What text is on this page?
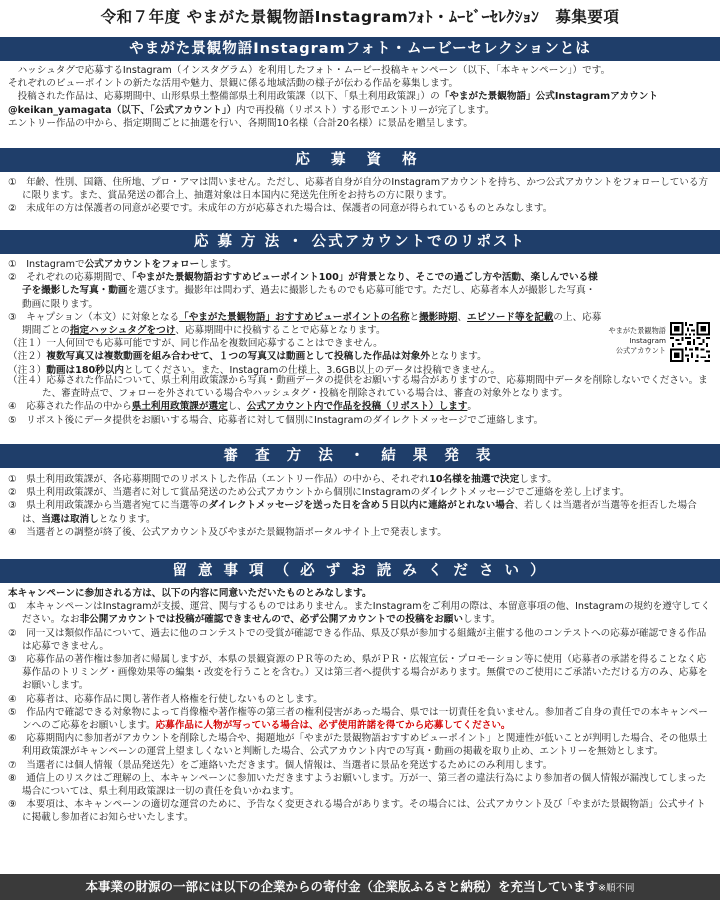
令和７年度 やまがた景観物語Instagramﾌｫﾄ・ﾑｰﾋﾞｰｾﾚｸｼｮﾝ　募集要項
やまがた景観物語Instagramフォト・ムービーセレクションとは

　ハッシュタグで応募するInstagram（インスタグラム）を利用したフォト・ムービー投稿キャンペーン（以下、「本キャンペーン」）です。

それぞれのビューポイントの新たな活用や魅力、景観に係る地域活動の様子が伝わる作品を募集します。

　投稿された作品は、応募期間中、山形県県土整備部県土利用政策課（以下、「県土利用政策課」）の「やまがた景観物語」公式Instagramアカウント@keikan_yamagata（以下、「公式アカウント」）内で再投稿（リポスト）する形でエントリーが完了します。

エントリー作品の中から、指定期間ごとに抽選を行い、各期間10名様（合計20名様）に景品を贈呈します。

応 募 資 格

①　年齢、性別、国籍、住所地、プロ・アマは問いません。ただし、応募者自身が自分のInstagramアカウントを持ち、かつ公式アカウントをフォローしている方に限ります。また、賞品発送の都合上、抽選対象は日本国内に発送先住所をお持ちの方に限ります。

②　未成年の方は保護者の同意が必要です。未成年の方が応募された場合は、保護者の同意が得られているものとみなします。

応 募 方 法 ・ 公式アカウントでのリポスト

①　Instagramで公式アカウントをフォローします。

②　それぞれの応募期間で、「やまがた景観物語おすすめビューポイント100」が背景となり、そこでの過ごし方や活動、楽しんでいる様子を撮影した写真・動画を選びます。撮影年は問わず、過去に撮影したものでも応募可能です。ただし、応募者本人が撮影した写真・動画に限ります。

③　キャプション（本文）に対象となる「やまがた景観物語」おすすめビューポイントの名称と撮影時期、エピソード等を記載の上、応募期間ごとの指定ハッシュタグをつけ、応募期間中に投稿することで応募となります。

（注１）一人何回でも応募可能ですが、同じ作品を複数回応募することはできません。

（注２）複数写真又は複数動画を組み合わせて、１つの写真又は動画として投稿した作品は対象外となります。

（注３）動画は180秒以内としてください。また、Instagramの仕様上、3.6GB以上のデータは投稿できません。

（注４）応募された作品について、県土利用政策課から写真・動画データの提供をお願いする場合がありますので、応募期間中データを削除しないでください。また、審査時点で、フォローを外されている場合やハッシュタグ・投稿を削除されている場合は、審査の対象外となります。

④　応募された作品の中から県土利用政策課が選定し、公式アカウント内で作品を投稿（リポスト）します。

⑤　リポスト後にデータ提供をお願いする場合、応募者に対して個別にInstagramのダイレクトメッセージでご連絡します。

やまがた景観物語
Instagram
公式アカウント
審 査 方 法 ・ 結 果 発 表

①　県土利用政策課が、各応募期間でのリポストした作品（エントリー作品）の中から、それぞれ10名様を抽選で決定します。

②　県土利用政策課が、当選者に対して賞品発送のため公式アカウントから個別にInstagramのダイレクトメッセージでご連絡を差し上げます。

③　県土利用政策課から当選者宛てに当選等のダイレクトメッセージを送った日を含め５日以内に連絡がとれない場合、若しくは当選者が当選等を拒否した場合は、当選は取消しとなります。

④　当選者との調整が終了後、公式アカウント及びやまがた景観物語ポータルサイト上で発表します。

留 意 事 項 （ 必 ず お 読 み く だ さ い ）

本キャンペーンに参加される方は、以下の内容に同意いただいたものとみなします。

①　本キャンペーンはInstagramが支援、運営、関与するものではありません。またInstagramをご利用の際は、本留意事項の他、Instagramの規約を遵守してください。なお非公開アカウントでは投稿が確認できませんので、必ず公開アカウントでの投稿をお願いします。

②　同一又は類似作品について、過去に他のコンテストでの受賞が確認できる作品、県及び県が参加する組織が主催する他のコンテストへの応募が確認できる作品は応募できません。

③　応募作品の著作権は参加者に帰属しますが、本県の景観資源のＰＲ等のため、県がＰＲ・広報宣伝・プロモーション等に使用（応募者の承諾を得ることなく応募作品のトリミング・画像効果等の編集・改変を行うことを含む。）又は第三者へ提供する場合があります。無償でのご使用にご承諾いただける方のみ、応募をお願いします。

④　応募者は、応募作品に関し著作者人格権を行使しないものとします。

⑤　作品内で確認できる対象物によって肖像権や著作権等の第三者の権利侵害があった場合、県では一切責任を負いません。参加者ご自身の責任での本キャンペーンへのご応募をお願いします。応募作品に人物が写っている場合は、必ず使用許諾を得てから応募してください。

⑥　応募期間内に参加者がアカウントを削除した場合や、掲題地が「やまがた景観物語おすすめビューポイント」と関連性が低いことが判明した場合、その他県土利用政策課がキャンペーンの運営上望ましくないと判断した場合、公式アカウント内での写真・動画の掲載を取り止め、エントリーを無効とします。

⑦　当選者には個人情報（景品発送先）をご連絡いただきます。個人情報は、当選者に景品を発送するためにのみ利用します。

⑧　通信上のリスクはご理解の上、本キャンペーンに参加いただきますようお願いします。万が一、第三者の違法行為により参加者の個人情報が漏洩してしまった場合については、県土利用政策課は一切の責任を負いかねます。

⑨　本要項は、本キャンペーンの適切な運営のために、予告なく変更される場合があります。その場合には、公式アカウント及び「やまがた景観物語」公式サイトに掲載し参加者にお知らせいたします。

本事業の財源の一部には以下の企業からの寄付金（企業版ふるさと納税）を充当しています※順不同
